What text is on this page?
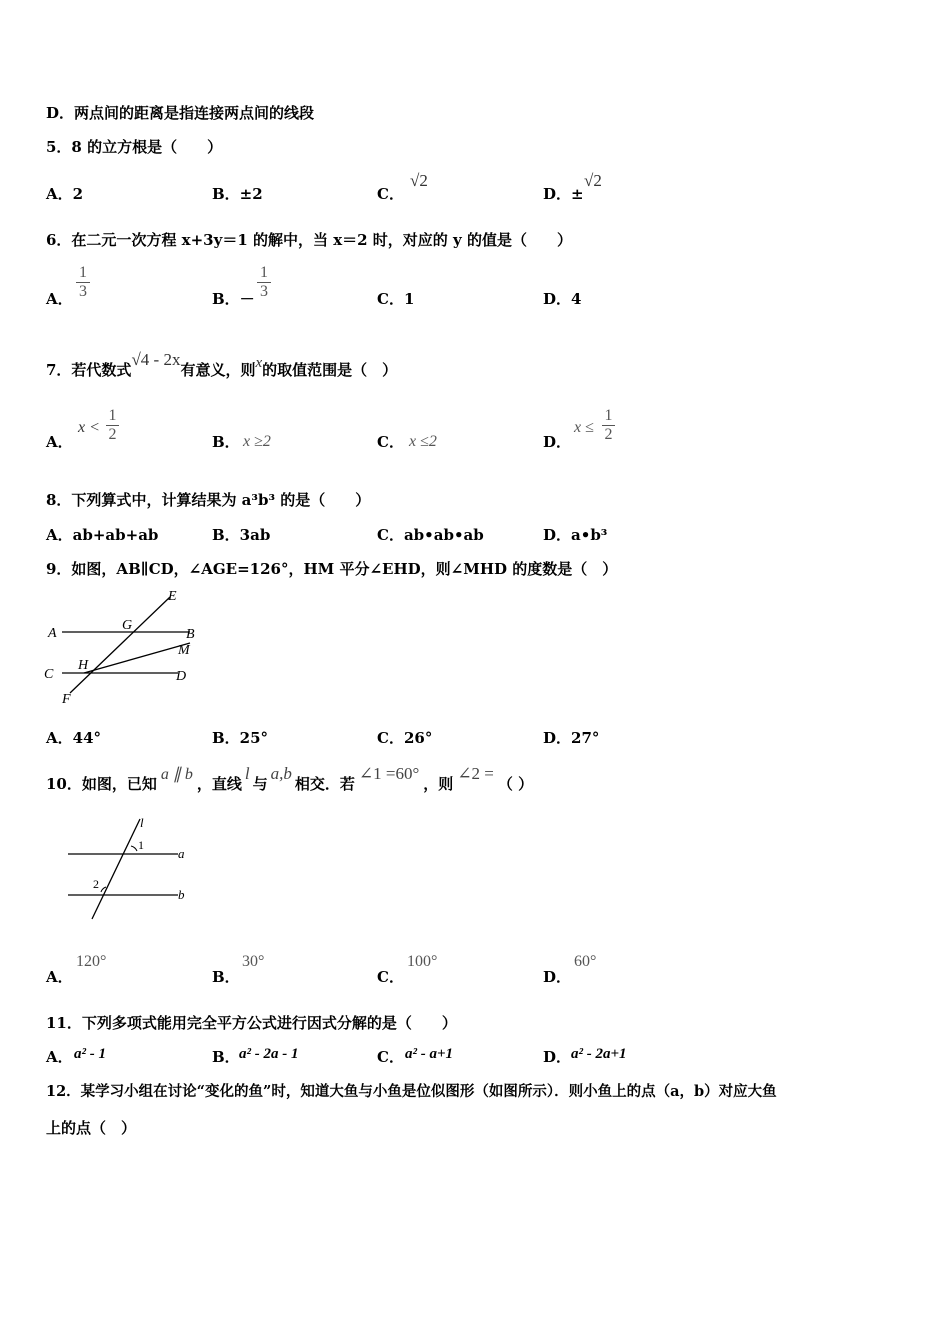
D．两点间的距离是指连接两点间的线段
5．8 的立方根是（　　）
A．2	B．±2	C．
√2
D．±
√2
6．在二元一次方程 x+3y＝1 的解中，当 x＝2 时，对应的 y 的值是（　　）
A．
1
3	B．－
1
3	C．1	D．4
7．若代数式√4 - 2x有意义，则x的取值范围是（　）
A．
x <
1
2	B． x ≥2	C． x ≤2	D．
x ≤
1
2
8．下列算式中，计算结果为 a³b³ 的是（　　）
A．ab+ab+ab	B．3ab	C．ab•ab•ab	D．a•b³
9．如图，AB∥CD，∠AGE=126°，HM 平分∠EHD，则∠MHD 的度数是（　）
A	B
C	D
E
F
G
H
M
A．44°	B．25°	C．26°	D．27°
10．如图，已知a ∥ b，直线l与a,b相交．若∠1 =60°，则∠2 =（ ）
l
a
b
1
2
A．
120°
B．
30°
C．
100°
D．
60°
11．下列多项式能用完全平方公式进行因式分解的是（　　）
A． a² - 1	B． a² - 2a - 1	C． a² - a+1	D． a² - 2a+1
12．某学习小组在讨论“变化的鱼”时，知道大鱼与小鱼是位似图形（如图所示）．则小鱼上的点（a，b）对应大鱼
上的点（　）
